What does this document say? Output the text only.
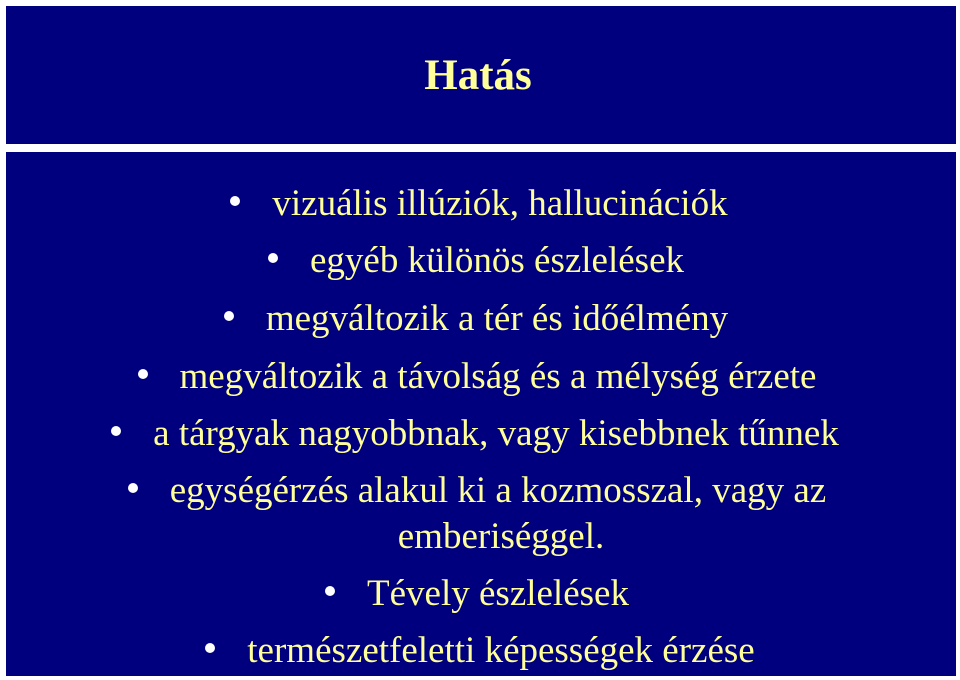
Hatás
vizuális illúziók, hallucinációk
egyéb különös észlelések
megváltozik a tér és időélmény
megváltozik a távolság és a mélység érzete
a tárgyak nagyobbnak, vagy kisebbnek tűnnek
egységérzés alakul ki a kozmosszal, vagy az
emberiséggel.
Tévely észlelések
természetfeletti képességek érzése
